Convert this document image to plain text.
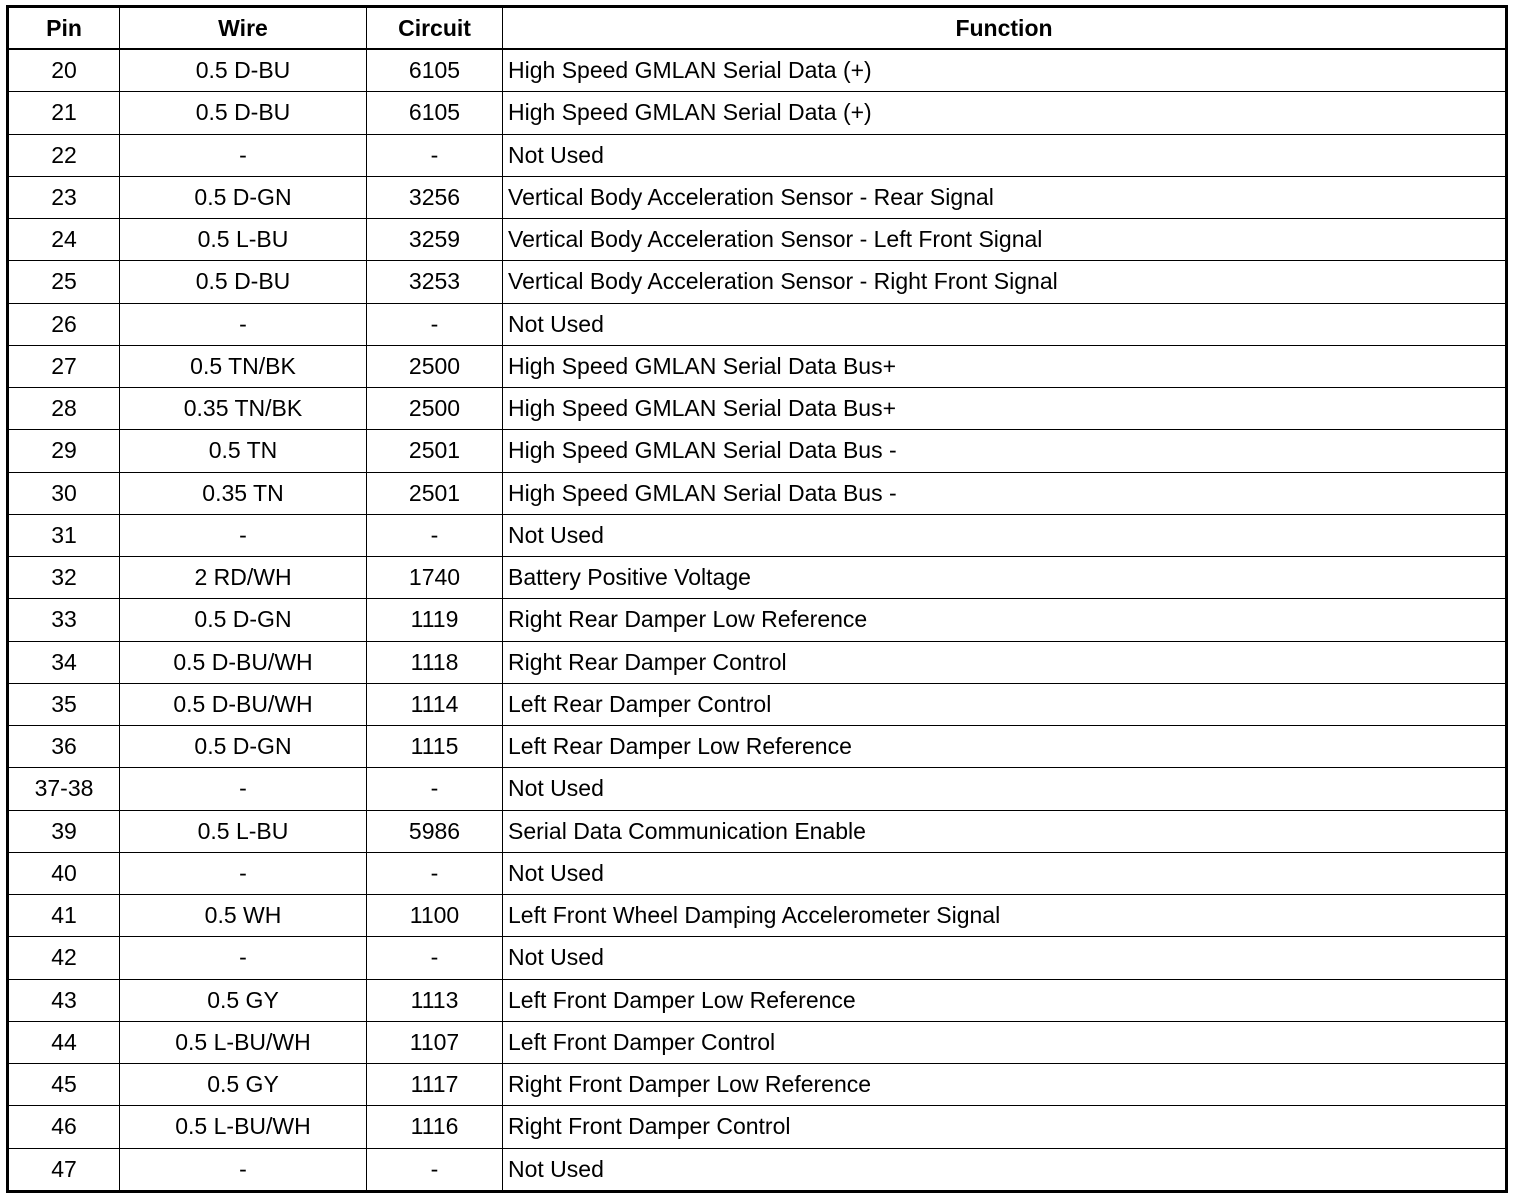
Pin	Wire	Circuit	Function
20	0.5 D-BU	6105	High Speed GMLAN Serial Data (+)
21	0.5 D-BU	6105	High Speed GMLAN Serial Data (+)
22	-	-	Not Used
23	0.5 D-GN	3256	Vertical Body Acceleration Sensor - Rear Signal
24	0.5 L-BU	3259	Vertical Body Acceleration Sensor - Left Front Signal
25	0.5 D-BU	3253	Vertical Body Acceleration Sensor - Right Front Signal
26	-	-	Not Used
27	0.5 TN/BK	2500	High Speed GMLAN Serial Data Bus+
28	0.35 TN/BK	2500	High Speed GMLAN Serial Data Bus+
29	0.5 TN	2501	High Speed GMLAN Serial Data Bus -
30	0.35 TN	2501	High Speed GMLAN Serial Data Bus -
31	-	-	Not Used
32	2 RD/WH	1740	Battery Positive Voltage
33	0.5 D-GN	1119	Right Rear Damper Low Reference
34	0.5 D-BU/WH	1118	Right Rear Damper Control
35	0.5 D-BU/WH	1114	Left Rear Damper Control
36	0.5 D-GN	1115	Left Rear Damper Low Reference
37-38	-	-	Not Used
39	0.5 L-BU	5986	Serial Data Communication Enable
40	-	-	Not Used
41	0.5 WH	1100	Left Front Wheel Damping Accelerometer Signal
42	-	-	Not Used
43	0.5 GY	1113	Left Front Damper Low Reference
44	0.5 L-BU/WH	1107	Left Front Damper Control
45	0.5 GY	1117	Right Front Damper Low Reference
46	0.5 L-BU/WH	1116	Right Front Damper Control
47	-	-	Not Used
